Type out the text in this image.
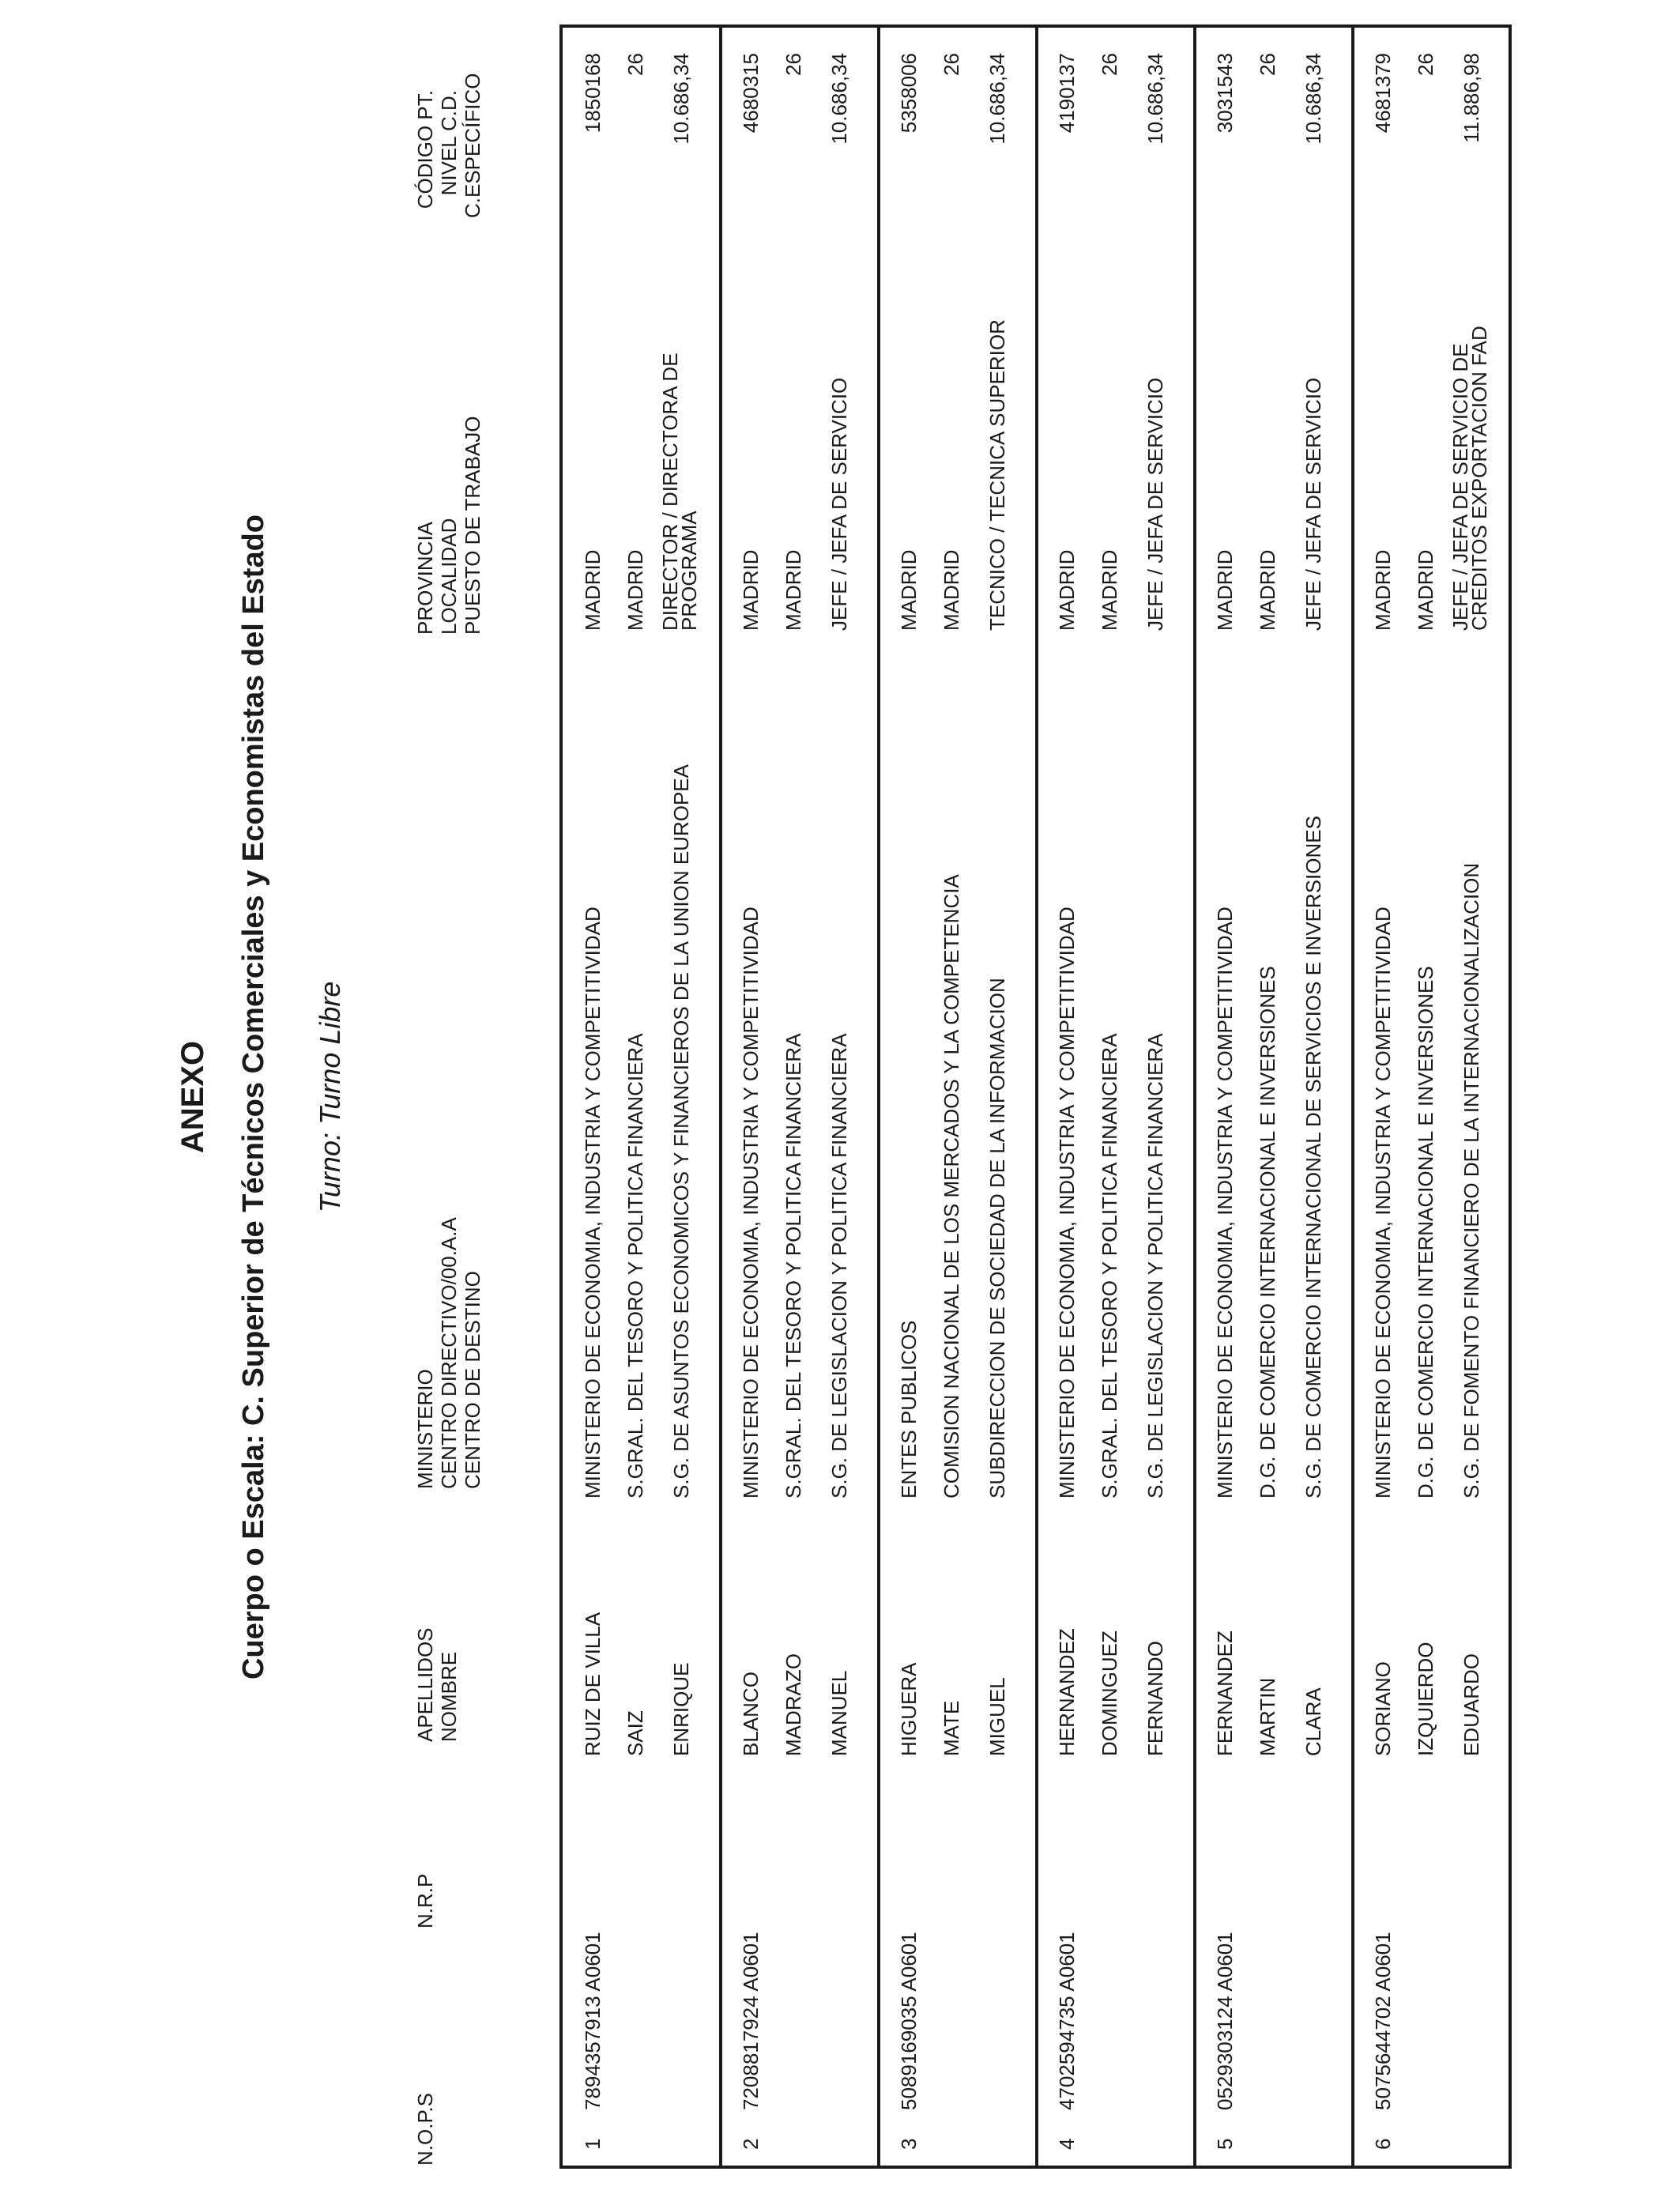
ANEXO Cuerpo o Escala: C. Superior de Técnicos Comerciales y Economistas del Estado Turno: Turno Libre
N.O.P.S
N.R.P
APELLIDOS NOMBRE
MINISTERIO CENTRO DIRECTIVO/00.A.A CENTRO DE DESTINO
PROVINCIA LOCALIDAD PUESTO DE TRABAJO
CÓDIGO PT. NIVEL C.D. C.ESPECÍFICO
1
7894357913 A0601
RUIZ DE VILLA
MINISTERIO DE ECONOMIA, INDUSTRIA Y COMPETITIVIDAD
MADRID
1850168
SAIZ
S.GRAL. DEL TESORO Y POLITICA FINANCIERA
MADRID
26
ENRIQUE
S.G. DE ASUNTOS ECONOMICOS Y FINANCIEROS DE LA UNION EUROPEA
DIRECTOR / DIRECTORA DE PROGRAMA
10.686,34
2
7208817924 A0601
BLANCO
MINISTERIO DE ECONOMIA, INDUSTRIA Y COMPETITIVIDAD
MADRID
4680315
MADRAZO
S.GRAL. DEL TESORO Y POLITICA FINANCIERA
MADRID
26
MANUEL
S.G. DE LEGISLACION Y POLITICA FINANCIERA
JEFE / JEFA DE SERVICIO
10.686,34
3
5089169035 A0601
HIGUERA
ENTES PUBLICOS
MADRID
5358006
MATE
COMISION NACIONAL DE LOS MERCADOS Y LA COMPETENCIA
MADRID
26
MIGUEL
SUBDIRECCION DE SOCIEDAD DE LA INFORMACION
TECNICO / TECNICA SUPERIOR
10.686,34
4
4702594735 A0601
HERNANDEZ
MINISTERIO DE ECONOMIA, INDUSTRIA Y COMPETITIVIDAD
MADRID
4190137
DOMINGUEZ
S.GRAL. DEL TESORO Y POLITICA FINANCIERA
MADRID
26
FERNANDO
S.G. DE LEGISLACION Y POLITICA FINANCIERA
JEFE / JEFA DE SERVICIO
10.686,34
5
0529303124 A0601
FERNANDEZ
MINISTERIO DE ECONOMIA, INDUSTRIA Y COMPETITIVIDAD
MADRID
3031543
MARTIN
D.G. DE COMERCIO INTERNACIONAL E INVERSIONES
MADRID
26
CLARA
S.G. DE COMERCIO INTERNACIONAL DE SERVICIOS E INVERSIONES
JEFE / JEFA DE SERVICIO
10.686,34
6
5075644702 A0601
SORIANO
MINISTERIO DE ECONOMIA, INDUSTRIA Y COMPETITIVIDAD
MADRID
4681379
IZQUIERDO
D.G. DE COMERCIO INTERNACIONAL E INVERSIONES
MADRID
26
EDUARDO
S.G. DE FOMENTO FINANCIERO DE LA INTERNACIONALIZACION
JEFE / JEFA DE SERVICIO DE CREDITOS EXPORTACION FAD
11.886,98
